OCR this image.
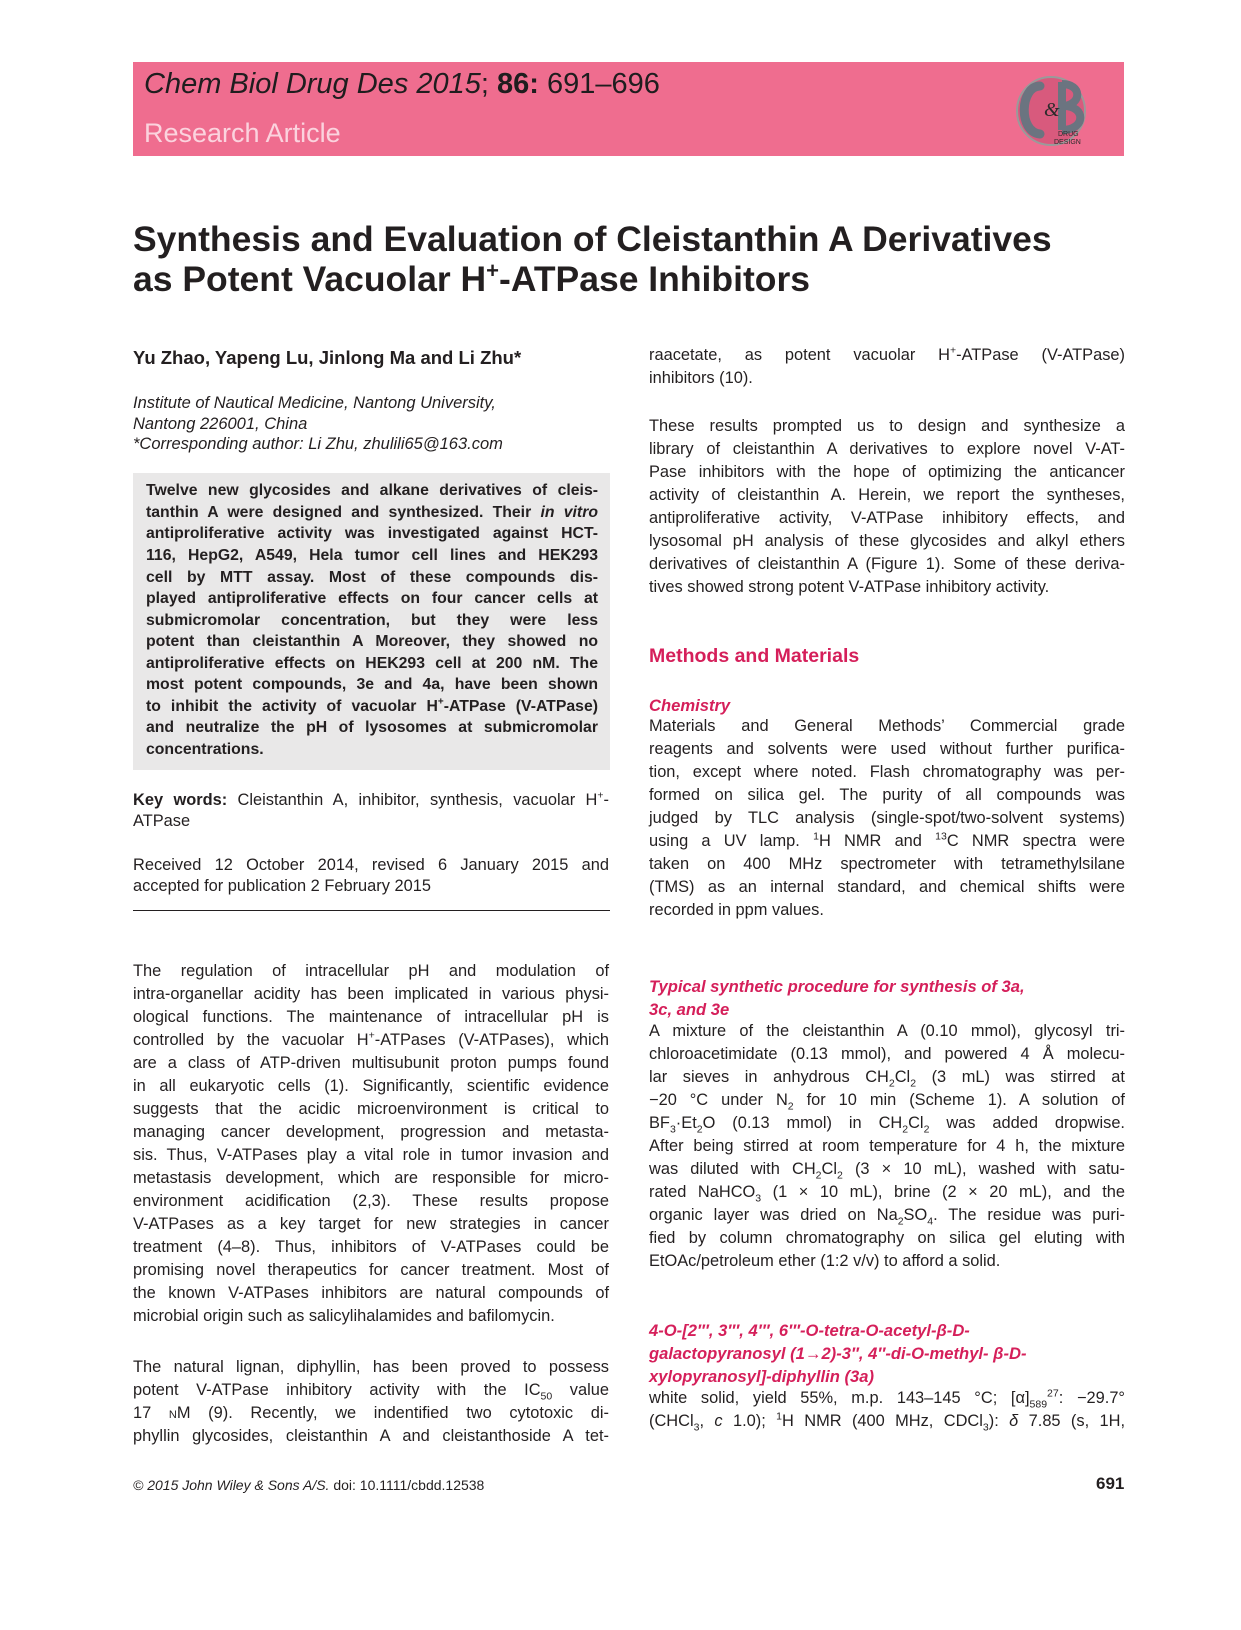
Chem Biol Drug Des 2015; 86: 691–696
Research Article
&
DRUG
DESIGN
Synthesis and Evaluation of Cleistanthin A Derivatives
as Potent Vacuolar H+-ATPase Inhibitors
Yu Zhao, Yapeng Lu, Jinlong Ma and Li Zhu*
Institute of Nautical Medicine, Nantong University,
Nantong 226001, China
*Corresponding author: Li Zhu, zhulili65@163.com
Twelve new glycosides and alkane derivatives of cleis-
tanthin A were designed and synthesized. Their in vitro
antiproliferative activity was investigated against HCT-
116, HepG2, A549, Hela tumor cell lines and HEK293
cell by MTT assay. Most of these compounds dis-
played antiproliferative effects on four cancer cells at
submicromolar concentration, but they were less
potent than cleistanthin A Moreover, they showed no
antiproliferative effects on HEK293 cell at 200 nM. The
most potent compounds, 3e and 4a, have been shown
to inhibit the activity of vacuolar H+-ATPase (V-ATPase)
and neutralize the pH of lysosomes at submicromolar
concentrations.
Key words: Cleistanthin A, inhibitor, synthesis, vacuolar H+-
ATPase
Received 12 October 2014, revised 6 January 2015 and
accepted for publication 2 February 2015
The regulation of intracellular pH and modulation of
intra-organellar acidity has been implicated in various physi-
ological functions. The maintenance of intracellular pH is
controlled by the vacuolar H+-ATPases (V-ATPases), which
are a class of ATP-driven multisubunit proton pumps found
in all eukaryotic cells (1). Significantly, scientific evidence
suggests that the acidic microenvironment is critical to
managing cancer development, progression and metasta-
sis. Thus, V-ATPases play a vital role in tumor invasion and
metastasis development, which are responsible for micro-
environment acidification (2,3). These results propose
V-ATPases as a key target for new strategies in cancer
treatment (4–8). Thus, inhibitors of V-ATPases could be
promising novel therapeutics for cancer treatment. Most of
the known V-ATPases inhibitors are natural compounds of
microbial origin such as salicylihalamides and bafilomycin.
The natural lignan, diphyllin, has been proved to possess
potent V-ATPase inhibitory activity with the $IC_{50}$ value
17 nM (9). Recently, we indentified two cytotoxic di-
phyllin glycosides, cleistanthin A and cleistanthoside A tet-
raacetate, as potent vacuolar H+-ATPase (V-ATPase)
inhibitors (10).
These results prompted us to design and synthesize a
library of cleistanthin A derivatives to explore novel V-AT-
Pase inhibitors with the hope of optimizing the anticancer
activity of cleistanthin A. Herein, we report the syntheses,
antiproliferative activity, V-ATPase inhibitory effects, and
lysosomal pH analysis of these glycosides and alkyl ethers
derivatives of cleistanthin A (Figure 1). Some of these deriva-
tives showed strong potent V-ATPase inhibitory activity.
Methods and Materials
Chemistry
Materials and General Methods’ Commercial grade
reagents and solvents were used without further purifica-
tion, except where noted. Flash chromatography was per-
formed on silica gel. The purity of all compounds was
judged by TLC analysis (single-spot/two-solvent systems)
using a UV lamp. $^1$H NMR and $^{13}$C NMR spectra were
taken on 400 MHz spectrometer with tetramethylsilane
(TMS) as an internal standard, and chemical shifts were
recorded in ppm values.
Typical synthetic procedure for synthesis of 3a,
3c, and 3e
A mixture of the cleistanthin A (0.10 mmol), glycosyl tri-
chloroacetimidate (0.13 mmol), and powered 4 Å molecu-
lar sieves in anhydrous $CH_2Cl_2$ (3 mL) was stirred at
−20 °C under $N_2$ for 10 min (Scheme 1). A solution of
$BF_3\cdot Et_2O$ (0.13 mmol) in $CH_2Cl_2$ was added dropwise.
After being stirred at room temperature for 4 h, the mixture
was diluted with $CH_2Cl_2$ (3 × 10 mL), washed with satu-
rated NaHCO$_3$ (1 × 10 mL), brine (2 × 20 mL), and the
organic layer was dried on $Na_2SO_4$. The residue was puri-
fied by column chromatography on silica gel eluting with
EtOAc/petroleum ether (1:2 v/v) to afford a solid.
4-O-[2′′′, 3′′′, 4′′′, 6′′′-O-tetra-O-acetyl-β-D-
galactopyranosyl (1→2)-3′′, 4′′-di-O-methyl- β-D-
xylopyranosyl]-diphyllin (3a)
white solid, yield 55%, m.p. 143–145 °C; $[\alpha]_{589}^{27}$: −29.7°
(CHCl$_3$, c 1.0); $^1$H NMR (400 MHz, CDCl$_3$): δ 7.85 (s, 1H,
© 2015 John Wiley & Sons A/S. doi: 10.1111/cbdd.12538	691
